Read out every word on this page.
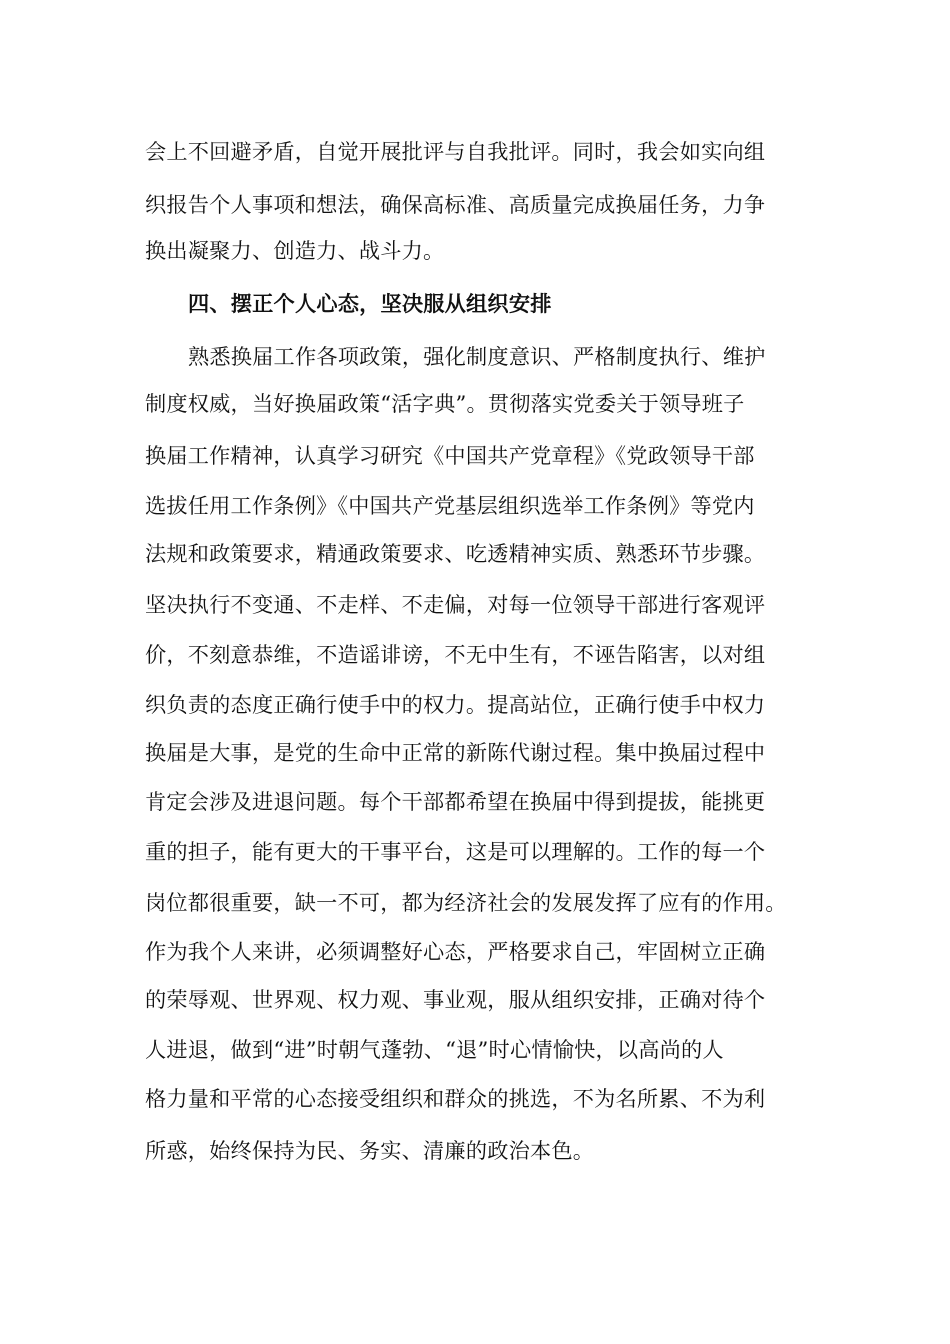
会上不回避矛盾，自觉开展批评与自我批评。同时，我会如实向组
织报告个人事项和想法，确保高标准、高质量完成换届任务，力争
换出凝聚力、创造力、战斗力。
四、摆正个人心态，坚决服从组织安排
熟悉换届工作各项政策，强化制度意识、严格制度执行、维护
制度权威，当好换届政策“活字典”。贯彻落实党委关于领导班子
换届工作精神，认真学习研究《中国共产党章程》《党政领导干部
选拔任用工作条例》《中国共产党基层组织选举工作条例》等党内
法规和政策要求，精通政策要求、吃透精神实质、熟悉环节步骤。
坚决执行不变通、不走样、不走偏，对每一位领导干部进行客观评
价，不刻意恭维，不造谣诽谤，不无中生有，不诬告陷害，以对组
织负责的态度正确行使手中的权力。提高站位，正确行使手中权力
换届是大事，是党的生命中正常的新陈代谢过程。集中换届过程中
肯定会涉及进退问题。每个干部都希望在换届中得到提拔，能挑更
重的担子，能有更大的干事平台，这是可以理解的。工作的每一个
岗位都很重要，缺一不可，都为经济社会的发展发挥了应有的作用。
作为我个人来讲，必须调整好心态，严格要求自己，牢固树立正确
的荣辱观、世界观、权力观、事业观，服从组织安排，正确对待个
人进退，做到“进”时朝气蓬勃、“退”时心情愉快，以高尚的人
格力量和平常的心态接受组织和群众的挑选，不为名所累、不为利
所惑，始终保持为民、务实、清廉的政治本色。
